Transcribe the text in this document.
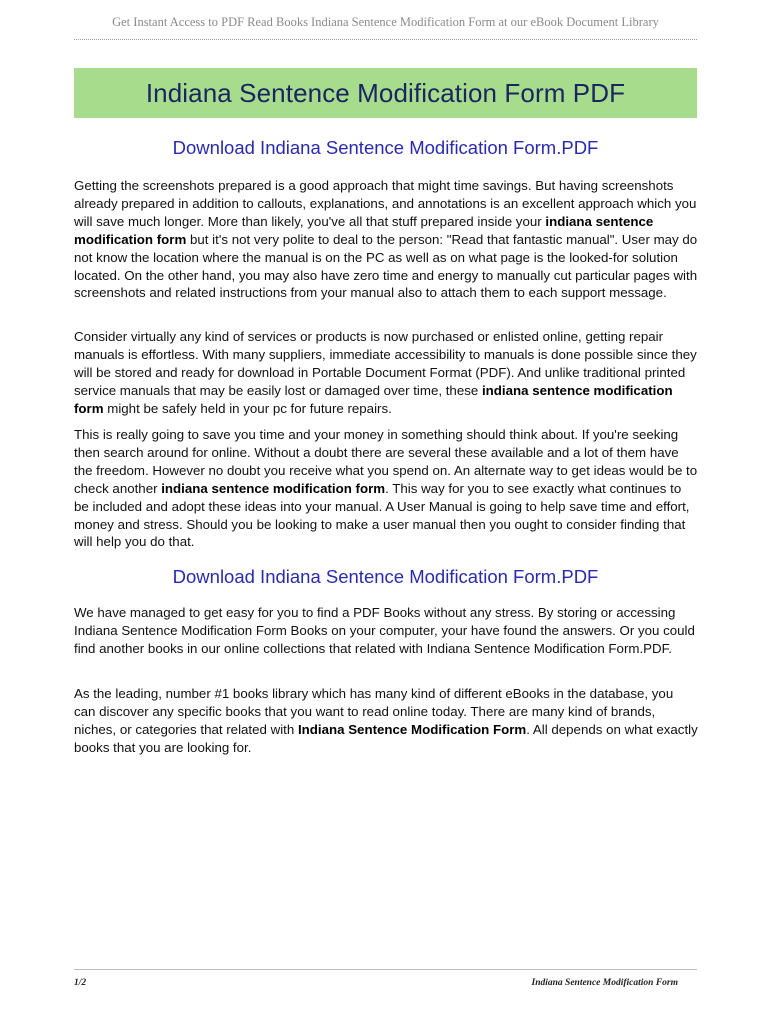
Get Instant Access to PDF Read Books Indiana Sentence Modification Form at our eBook Document Library
Indiana Sentence Modification Form PDF
Download Indiana Sentence Modification Form.PDF

Getting the screenshots prepared is a good approach that might time savings. But having screenshots already prepared in addition to callouts, explanations, and annotations is an excellent approach which you will save much longer. More than likely, you've all that stuff prepared inside your indiana sentence modification form but it's not very polite to deal to the person: "Read that fantastic manual". User may do not know the location where the manual is on the PC as well as on what page is the looked-for solution located. On the other hand, you may also have zero time and energy to manually cut particular pages with screenshots and related instructions from your manual also to attach them to each support message.

Consider virtually any kind of services or products is now purchased or enlisted online, getting repair manuals is effortless. With many suppliers, immediate accessibility to manuals is done possible since they will be stored and ready for download in Portable Document Format (PDF). And unlike traditional printed service manuals that may be easily lost or damaged over time, these indiana sentence modification form might be safely held in your pc for future repairs.

This is really going to save you time and your money in something should think about. If you're seeking then search around for online. Without a doubt there are several these available and a lot of them have the freedom. However no doubt you receive what you spend on. An alternate way to get ideas would be to check another indiana sentence modification form. This way for you to see exactly what continues to be included and adopt these ideas into your manual. A User Manual is going to help save time and effort, money and stress. Should you be looking to make a user manual then you ought to consider finding that will help you do that.

Download Indiana Sentence Modification Form.PDF

We have managed to get easy for you to find a PDF Books without any stress. By storing or accessing Indiana Sentence Modification Form Books on your computer, your have found the answers. Or you could find another books in our online collections that related with Indiana Sentence Modification Form.PDF.

As the leading, number #1 books library which has many kind of different eBooks in the database, you can discover any specific books that you want to read online today. There are many kind of brands, niches, or categories that related with Indiana Sentence Modification Form. All depends on what exactly books that you are looking for.

1/2	Indiana Sentence Modification Form
